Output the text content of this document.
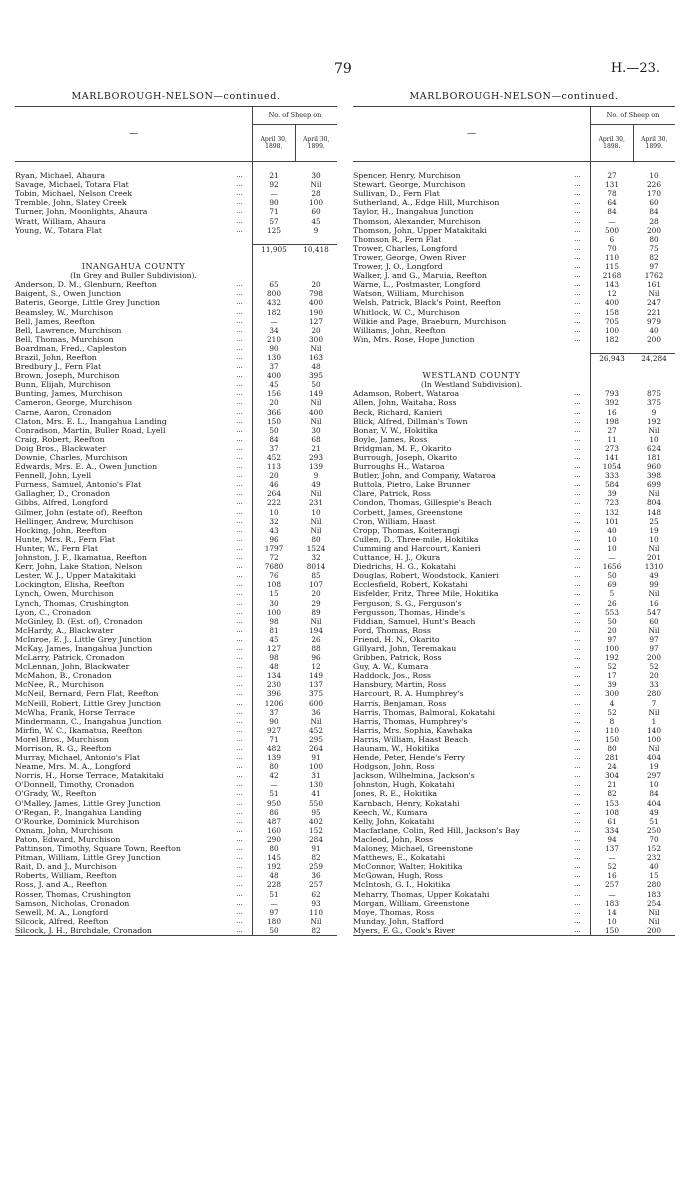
79	H.—23.
MARLBOROUGH-NELSON—continued.
—
No. of Sheep on
April 30, 1898.
April 30, 1899.
Ryan, Michael, Ahaura	...	21	30
Savage, Michael, Totara Flat	...	92	Nil
Tobin, Michael, Nelson Creek	...	—	28
Tremble, John, Slatey Creek	...	90	100
Turner, John, Moonlights, Ahaura	...	71	60
Wratt, William, Ahaura	...	57	45
Young, W., Totara Flat	...	125	9
11,905	10,418
INANGAHUA COUNTY
(In Grey and Buller Subdivision).
Anderson, D. M., Glenburn, Reefton	...	65	20
Baigent, S., Owen Junction	...	800	798
Bateris, George, Little Grey Junction	...	432	400
Beamsley, W., Murchison	...	182	190
Bell, James, Reefton	...	—	127
Bell, Lawrence, Murchison	...	34	20
Bell, Thomas, Murchison	...	210	300
Boardman, Fred., Capleston	...	90	Nil
Brazil, John, Reefton	...	130	163
Bredbury J., Fern Flat	...	37	48
Brown, Joseph, Murchison	...	400	395
Bunn, Elijah, Murchison	...	45	50
Bunting, James, Murchison	...	156	149
Cameron, George, Murchison	...	20	Nil
Carne, Aaron, Cronadon	...	366	400
Claton, Mrs. E. L., Inangahua Landing	...	150	Nil
Conradson, Martin, Buller Road, Lyell	...	50	30
Craig, Robert, Reefton	...	84	68
Doig Bros., Blackwater	...	37	21
Downie, Charles, Murchison	...	452	293
Edwards, Mrs. E. A., Owen Junction	...	113	139
Fennell, John, Lyell	...	20	9
Furness, Samuel, Antonio's Flat	...	46	49
Gallagher, D., Cronadon	...	264	Nil
Gibbs, Alfred, Longford	...	222	231
Gilmer, John (estate of), Reefton	...	10	10
Hellinger, Andrew, Murchison	...	32	Nil
Hocking, John, Reefton	...	43	Nil
Hunte, Mrs. R., Fern Flat	...	96	80
Hunter, W., Fern Flat	...	1797	1524
Johnston, J. F., Ikamatua, Reefton	...	72	32
Kerr, John, Lake Station, Nelson	...	7680	8014
Lester, W. J., Upper Matakitaki	...	76	85
Lockington, Elisha, Reefton	...	108	107
Lynch, Owen, Murchison	...	15	20
Lynch, Thomas, Crushington	...	30	29
Lyon, C., Cronadon	...	100	89
McGinley, D. (Est. of), Cronadon	...	98	Nil
McHardy, A., Blackwater	...	81	194
McInroe, E. J., Little Grey Junction	...	45	26
McKay, James, Inangahua Junction	...	127	88
McLarry, Patrick, Cronadon	...	98	96
McLennan, John, Blackwater	...	48	12
McMahon, B., Cronadon	...	134	149
McNee, R., Murchison	...	230	137
McNeil, Bernard, Fern Flat, Reefton	...	396	375
McNeill, Robert, Little Grey Junction	...	1206	600
McWha, Frank, Horse Terrace	...	37	36
Mindermann, C., Inangahua Junction	...	90	Nil
Mirfin, W. C., Ikamatua, Reefton	...	927	452
Morel Bros., Murchison	...	71	295
Morrison, R. G., Reefton	...	482	264
Murray, Michael, Antonio's Flat	...	139	91
Neame, Mrs. M. A., Longford	...	80	100
Norris, H., Horse Terrace, Matakitaki	...	42	31
O'Donnell, Timothy, Cronadon	...	—	130
O'Grady, W., Reefton	...	51	41
O'Malley, James, Little Grey Junction	...	950	550
O'Regan, P., Inangahua Landing	...	86	95
O'Rourke, Dominick Murchison	...	487	402
Oxnam, John, Murchison	...	160	152
Paton, Edward, Murchison	...	290	284
Pattinson, Timothy, Square Town, Reefton	...	80	91
Pitman, William, Little Grey Junction	...	145	82
Rait, D. and J., Murchison	...	192	259
Roberts, William, Reefton	...	48	36
Ross, J. and A., Reefton	...	228	257
Rosser, Thomas, Crushington	...	51	62
Samson, Nicholas, Cronadon	...	—	93
Sewell, M. A., Longford	...	97	110
Silcock, Alfred, Reefton	...	180	Nil
Silcock, J. H., Birchdale, Cronadon	...	50	82
MARLBOROUGH-NELSON—continued.
—
No. of Sheep on
April 30, 1898.
April 30, 1899.
Spencer, Henry, Murchison	...	27	10
Stewart, George, Murchison	...	131	226
Sullivan, D., Fern Flat	...	78	170
Sutherland, A., Edge Hill, Murchison	...	64	60
Taylor, H., Inangahua Junction	...	84	84
Thomson, Alexander, Murchison	...	—	28
Thomson, John, Upper Matakitaki	...	500	200
Thomson R., Fern Flat	...	6	80
Trower, Charles, Longford	...	70	75
Trower, George, Owen River	...	110	82
Trower, J. O., Longford	...	115	97
Walker, J. and G., Maruia, Reefton	...	2168	1762
Warne, L., Postmaster, Longford	...	143	161
Watson, William, Murchison	...	12	Nil
Welsh, Patrick, Black's Point, Reefton	...	400	247
Whitlock, W. C., Murchison	...	158	221
Wilkie and Page, Braeburn, Murchison	...	705	979
Williams, John, Reefton	...	100	40
Win, Mrs. Rose, Hope Junction	...	182	200
26,943	24,284
WESTLAND COUNTY
(In Westland Subdivision).
Adamson, Robert, Wataroa	...	793	875
Allen, John, Waitaha, Ross	...	392	375
Beck, Richard, Kanieri	...	16	9
Blick, Alfred, Dillman's Town	...	198	192
Bonar, V. W., Hokitika	...	27	Nil
Boyle, James, Ross	...	11	10
Bridgman, M. F., Okarito	...	273	624
Burrough, Joseph, Okarito	...	141	181
Burroughs H., Wataroa	...	1054	960
Butler, John, and Company, Wataroa	...	333	398
Buttola, Pietro, Lake Brunner	...	584	699
Clare, Patrick, Ross	...	39	Nil
Condon, Thomas, Gillespie's Beach	...	723	804
Corbett, James, Greenstone	...	132	148
Cron, William, Haast	...	101	25
Cropp, Thomas, Koiterangi	...	40	19
Cullen, D., Three-mile, Hokitika	...	10	10
Cumming and Harcourt, Kanieri	...	10	Nil
Cuttance, H. J., Okura	...	—	201
Diedrichs, H. G., Kokatahi	...	1656	1310
Douglas, Robert, Woodstock, Kanieri	...	50	49
Ecclesfield, Robert, Kokatahi	...	69	99
Eisfelder, Fritz, Three Mile, Hokitika	...	5	Nil
Ferguson, S. G., Ferguson's	...	26	16
Fergusson, Thomas, Hinde's	...	553	547
Fiddian, Samuel, Hunt's Beach	...	50	60
Ford, Thomas, Ross	...	20	Nil
Friend, H. N., Okarito	...	97	97
Gillyard, John, Teremakau	...	100	97
Gribben, Patrick, Ross	...	192	200
Guy, A. W., Kumara	...	52	52
Haddock, Jos., Ross	...	17	20
Hansbury, Martin, Ross	...	39	33
Harcourt, R. A. Humphrey's	...	300	280
Harris, Benjaman, Ross	...	4	7
Harris, Thomas, Balmoral, Kokatahi	...	52	Nil
Harris, Thomas, Humphrey's	...	8	1
Harris, Mrs. Sophia, Kawhaka	...	110	140
Harris, William, Haast Beach	...	150	100
Haunam, W., Hokitika	...	80	Nil
Hende, Peter, Hende's Ferry	...	281	404
Hodgson, John, Ross	...	24	19
Jackson, Wilhelmina, Jackson's	...	304	297
Johnston, Hugh, Kokatahi	...	21	10
Jones, R. E., Hokitika	...	82	84
Karnbach, Henry, Kokatahi	...	153	404
Keech, W., Kumara	...	108	49
Kelly, John, Kokatahi	...	61	51
Macfarlane, Colin, Red Hill, Jackson's Bay	...	334	250
Macleod, John, Ross	...	94	70
Maloney, Michael, Greenstone	...	137	152
Matthews, E., Kokatahi	...	—	232
McConnor, Walter, Hokitika	...	52	40
McGowan, Hugh, Ross	...	16	15
McIntosh, G. I., Hokitika	...	257	280
Meharry, Thomas, Upper Kokatahi	...	—	183
Morgan, William, Greenstone	...	183	254
Moye, Thomas, Ross	...	14	Nil
Munday, John, Stafford	...	10	Nil
Myers, F. G., Cook's River	...	150	200
